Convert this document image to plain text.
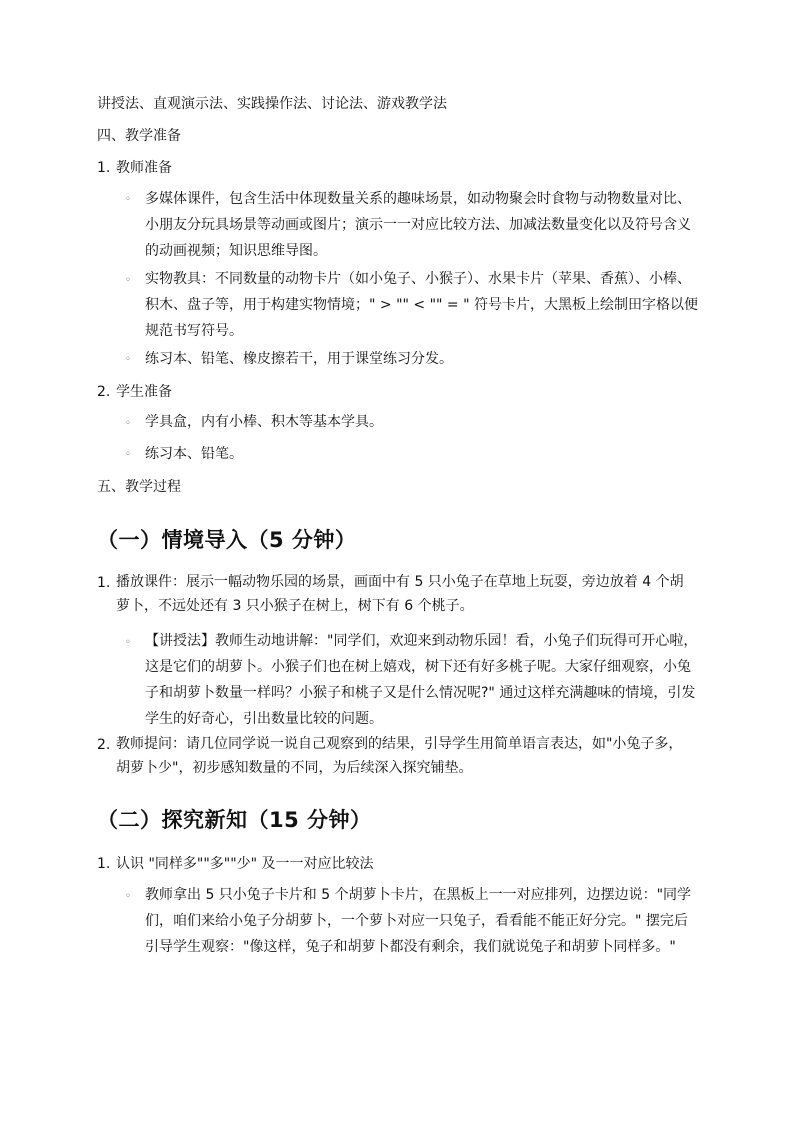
讲授法、直观演示法、实践操作法、讨论法、游戏教学法
四、教学准备
1. 教师准备
◦ 多媒体课件，包含生活中体现数量关系的趣味场景，如动物聚会时食物与动物数量对比、小朋友分玩具场景等动画或图片；演示一一对应比较方法、加减法数量变化以及符号含义的动画视频；知识思维导图。
◦ 实物教具：不同数量的动物卡片（如小兔子、小猴子）、水果卡片（苹果、香蕉）、小棒、积木、盘子等，用于构建实物情境；" > "" < "" = " 符号卡片，大黑板上绘制田字格以便规范书写符号。
◦ 练习本、铅笔、橡皮擦若干，用于课堂练习分发。
2. 学生准备
◦ 学具盒，内有小棒、积木等基本学具。
◦ 练习本、铅笔。
五、教学过程
（一）情境导入（5 分钟）
1. 播放课件：展示一幅动物乐园的场景，画面中有 5 只小兔子在草地上玩耍，旁边放着 4 个胡萝卜，不远处还有 3 只小猴子在树上，树下有 6 个桃子。
◦ 【讲授法】教师生动地讲解："同学们，欢迎来到动物乐园！看，小兔子们玩得可开心啦，这是它们的胡萝卜。小猴子们也在树上嬉戏，树下还有好多桃子呢。大家仔细观察，小兔子和胡萝卜数量一样吗？小猴子和桃子又是什么情况呢?" 通过这样充满趣味的情境，引发学生的好奇心，引出数量比较的问题。
2. 教师提问：请几位同学说一说自己观察到的结果，引导学生用简单语言表达，如"小兔子多，胡萝卜少"，初步感知数量的不同，为后续深入探究铺垫。
（二）探究新知（15 分钟）
1. 认识 "同样多""多""少" 及一一对应比较法
◦ 教师拿出 5 只小兔子卡片和 5 个胡萝卜卡片，在黑板上一一对应排列，边摆边说："同学们，咱们来给小兔子分胡萝卜，一个萝卜对应一只兔子，看看能不能正好分完。" 摆完后引导学生观察："像这样，兔子和胡萝卜都没有剩余，我们就说兔子和胡萝卜同样多。"
